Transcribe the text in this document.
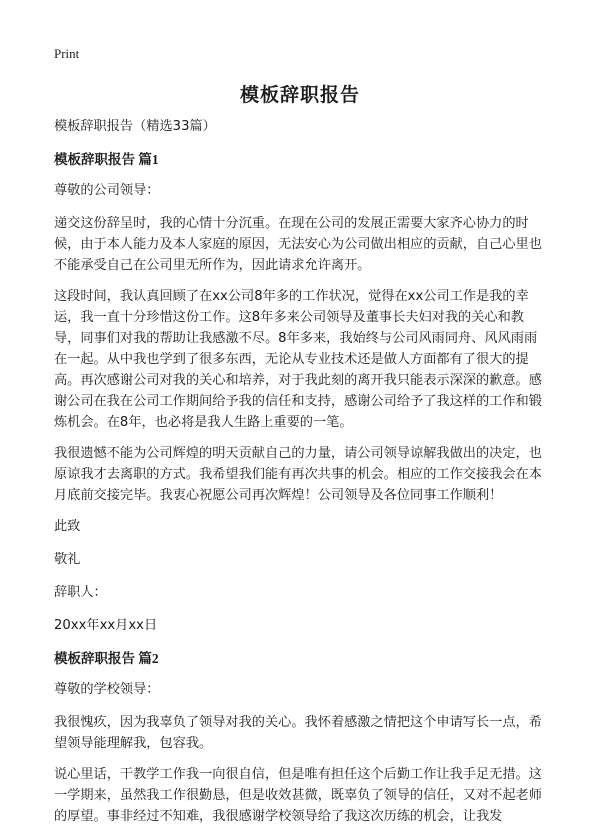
Print
模板辞职报告

模板辞职报告（精选33篇）

模板辞职报告 篇1

尊敬的公司领导：

递交这份辞呈时，我的心情十分沉重。在现在公司的发展正需要大家齐心协力的时候，由于本人能力及本人家庭的原因，无法安心为公司做出相应的贡献，自己心里也不能承受自己在公司里无所作为，因此请求允许离开。

这段时间，我认真回顾了在xx公司8年多的工作状况，觉得在xx公司工作是我的幸运，我一直十分珍惜这份工作。这8年多来公司领导及董事长夫妇对我的关心和教导，同事们对我的帮助让我感激不尽。8年多来，我始终与公司风雨同舟、风风雨雨在一起。从中我也学到了很多东西，无论从专业技术还是做人方面都有了很大的提高。再次感谢公司对我的关心和培养，对于我此刻的离开我只能表示深深的歉意。感谢公司在我在公司工作期间给予我的信任和支持，感谢公司给予了我这样的工作和锻炼机会。在8年，也必将是我人生路上重要的一笔。

我很遗憾不能为公司辉煌的明天贡献自己的力量，请公司领导谅解我做出的决定，也原谅我才去离职的方式。我希望我们能有再次共事的机会。相应的工作交接我会在本月底前交接完毕。我衷心祝愿公司再次辉煌！公司领导及各位同事工作顺利！

此致

敬礼

辞职人：

20xx年xx月xx日

模板辞职报告 篇2

尊敬的学校领导：

我很愧疚，因为我辜负了领导对我的关心。我怀着感激之情把这个申请写长一点，希望领导能理解我，包容我。

说心里话，干教学工作我一向很自信，但是唯有担任这个后勤工作让我手足无措。这一学期来，虽然我工作很勤恳，但是收效甚微，既辜负了领导的信任，又对不起老师的厚望。事非经过不知难，我很感谢学校领导给了我这次历练的机会，让我发
